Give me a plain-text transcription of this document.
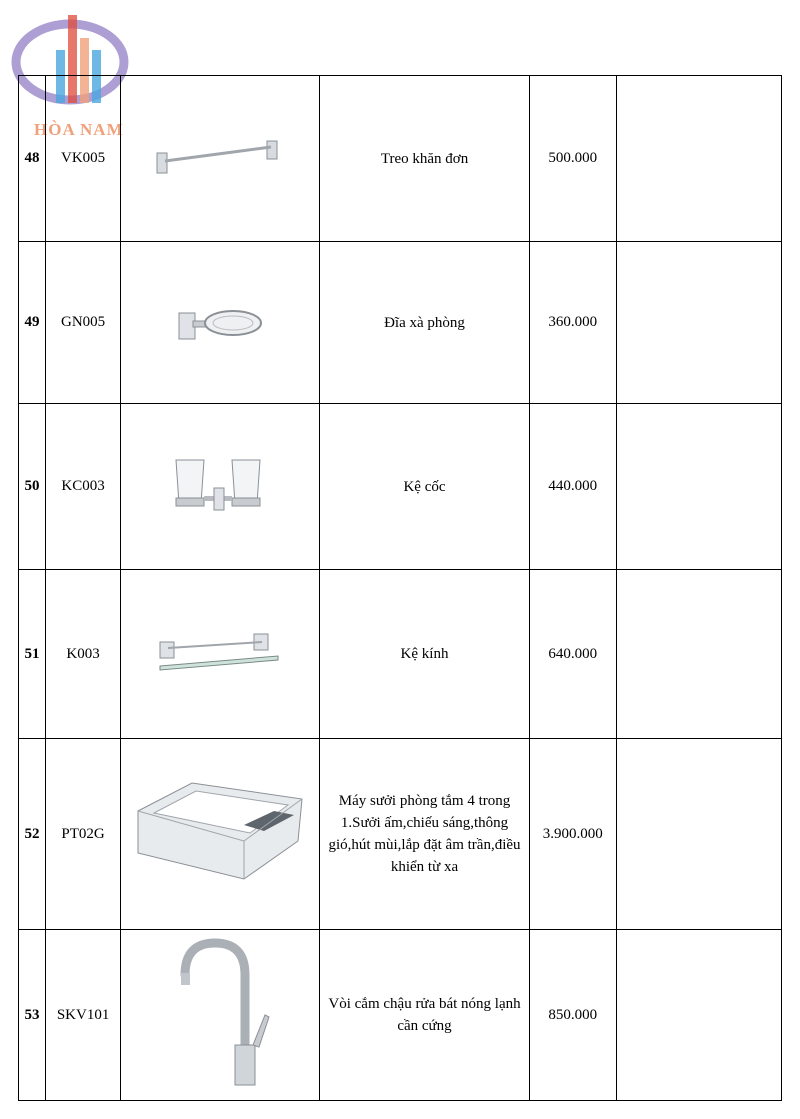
HÒA NAM
48	VK005		Treo khăn đơn	500.000	
49	GN005		Đĩa xà phòng	360.000	
50	KC003		Kệ cốc	440.000	
51	K003		Kệ kính	640.000	
52	PT02G		Máy sưởi phòng tắm 4 trong 1.Sưởi ấm,chiếu sáng,thông gió,hút mùi,lắp đặt âm trần,điều khiển từ xa	3.900.000	
53	SKV101		Vòi cắm chậu rửa bát nóng lạnh cần cứng	850.000	
